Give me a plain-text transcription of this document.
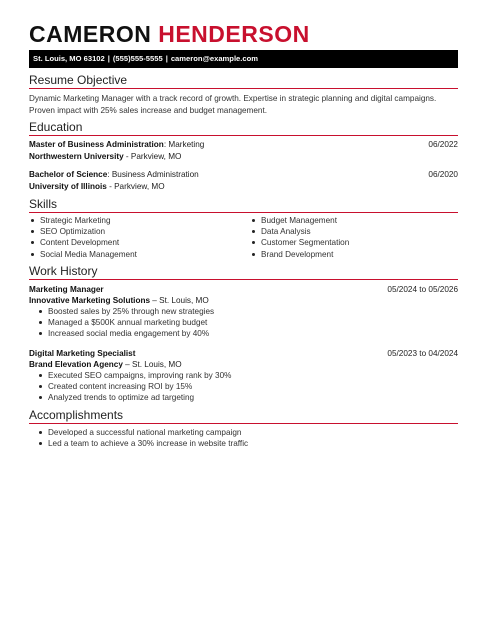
CAMERON HENDERSON
St. Louis, MO 63102 | (555)555-5555 | cameron@example.com
Resume Objective
Dynamic Marketing Manager with a track record of growth. Expertise in strategic planning and digital campaigns. Proven impact with 25% sales increase and budget management.
Education
Master of Business Administration: Marketing	06/2022
Northwestern University - Parkview, MO
Bachelor of Science: Business Administration	06/2020
University of Illinois - Parkview, MO
Skills
Strategic Marketing
SEO Optimization
Content Development
Social Media Management
Budget Management
Data Analysis
Customer Segmentation
Brand Development
Work History
Marketing Manager	05/2024 to 05/2026
Innovative Marketing Solutions – St. Louis, MO
Boosted sales by 25% through new strategies
Managed a $500K annual marketing budget
Increased social media engagement by 40%
Digital Marketing Specialist	05/2023 to 04/2024
Brand Elevation Agency – St. Louis, MO
Executed SEO campaigns, improving rank by 30%
Created content increasing ROI by 15%
Analyzed trends to optimize ad targeting
Accomplishments
Developed a successful national marketing campaign
Led a team to achieve a 30% increase in website traffic
